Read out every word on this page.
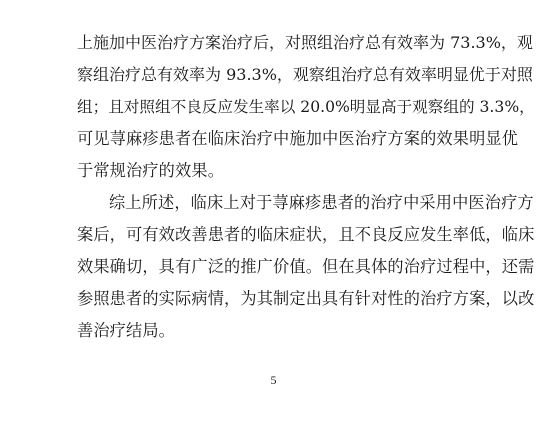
上施加中医治疗方案治疗后，对照组治疗总有效率为 73.3%，观
察组治疗总有效率为 93.3%，观察组治疗总有效率明显优于对照
组；且对照组不良反应发生率以 20.0%明显高于观察组的 3.3%，
可见荨麻疹患者在临床治疗中施加中医治疗方案的效果明显优
于常规治疗的效果。
综上所述，临床上对于荨麻疹患者的治疗中采用中医治疗方
案后，可有效改善患者的临床症状，且不良反应发生率低，临床
效果确切，具有广泛的推广价值。但在具体的治疗过程中，还需
参照患者的实际病情，为其制定出具有针对性的治疗方案，以改
善治疗结局。
5
